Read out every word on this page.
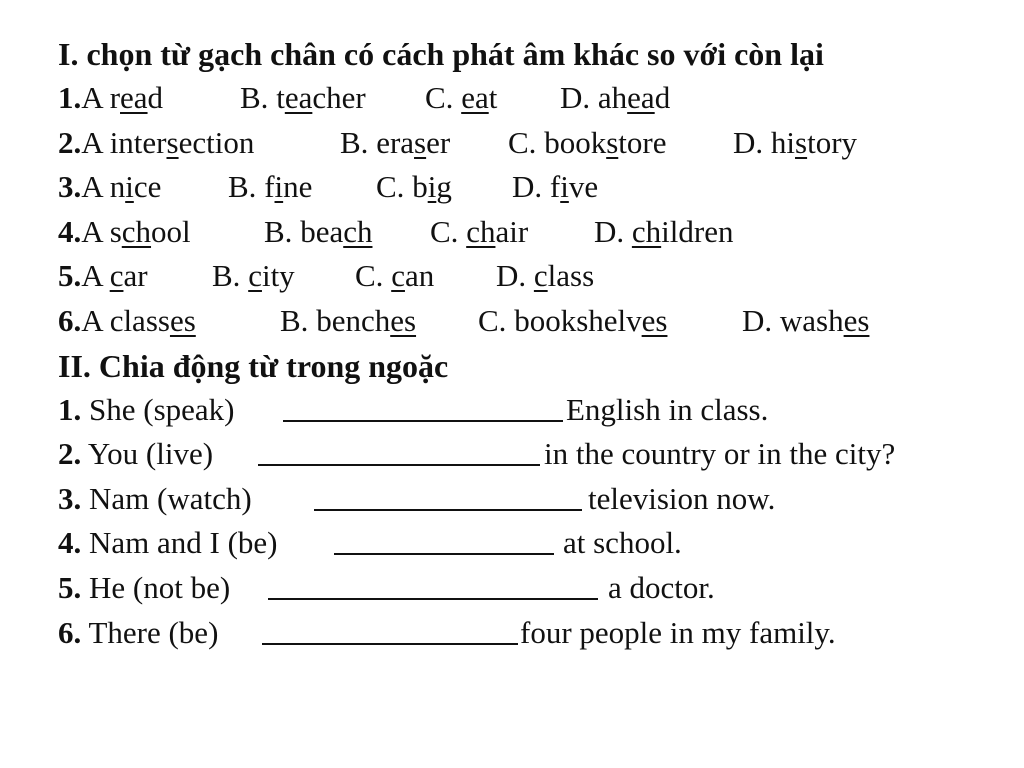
I. chọn từ gạch chân có cách phát âm khác so với còn lại
1.A read B. teacher C. eat D. ahead
2.A intersection	B. eraser C. bookstore D. history
3.A nice B. fine C. big D. five
4.A school B. beach C. chair D. children
5.A car B. city C. can D. class
6.A classes	B. benches C. bookshelves D. washes
II. Chia động từ trong ngoặc
1. She (speak)	English in class.
2. You (live)	in the country or in the city?
3. Nam (watch)	television now.
4. Nam and I (be)	at school.
5. He (not be)	a doctor.
6. There (be)	four people in my family.
